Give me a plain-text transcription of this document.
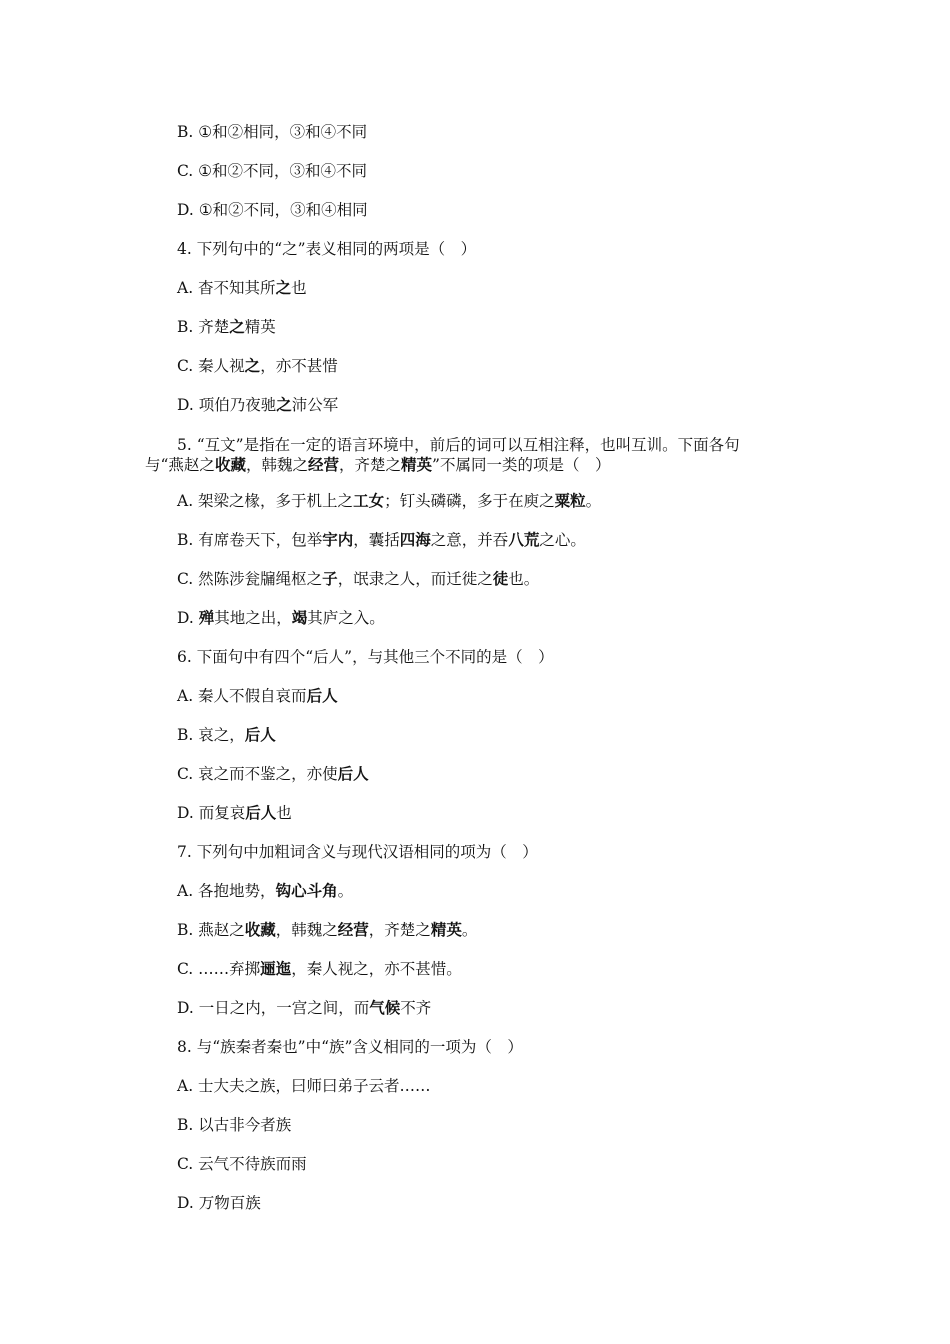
B. ①和②相同，③和④不同
C. ①和②不同，③和④不同
D. ①和②不同，③和④相同
4. 下列句中的“之”表义相同的两项是（　）
A. 杳不知其所之也
B. 齐楚之精英
C. 秦人视之，亦不甚惜
D. 项伯乃夜驰之沛公军
5. “互文”是指在一定的语言环境中，前后的词可以互相注释，也叫互训。下面各句
与“燕赵之收藏，韩魏之经营，齐楚之精英”不属同一类的项是（　）
A. 架梁之椽，多于机上之工女；钉头磷磷，多于在庾之粟粒。
B. 有席卷天下，包举宇内，囊括四海之意，并吞八荒之心。
C. 然陈涉瓮牖绳枢之子，氓隶之人，而迁徙之徒也。
D. 殚其地之出，竭其庐之入。
6. 下面句中有四个“后人”，与其他三个不同的是（　）
A. 秦人不假自哀而后人
B. 哀之，后人
C. 哀之而不鉴之，亦使后人
D. 而复哀后人也
7. 下列句中加粗词含义与现代汉语相同的项为（　）
A. 各抱地势，钩心斗角。
B. 燕赵之收藏，韩魏之经营，齐楚之精英。
C. ……弃掷逦迤，秦人视之，亦不甚惜。
D. 一日之内，一宫之间，而气候不齐
8. 与“族秦者秦也”中“族”含义相同的一项为（　）
A. 士大夫之族，曰师曰弟子云者……
B. 以古非今者族
C. 云气不待族而雨
D. 万物百族
